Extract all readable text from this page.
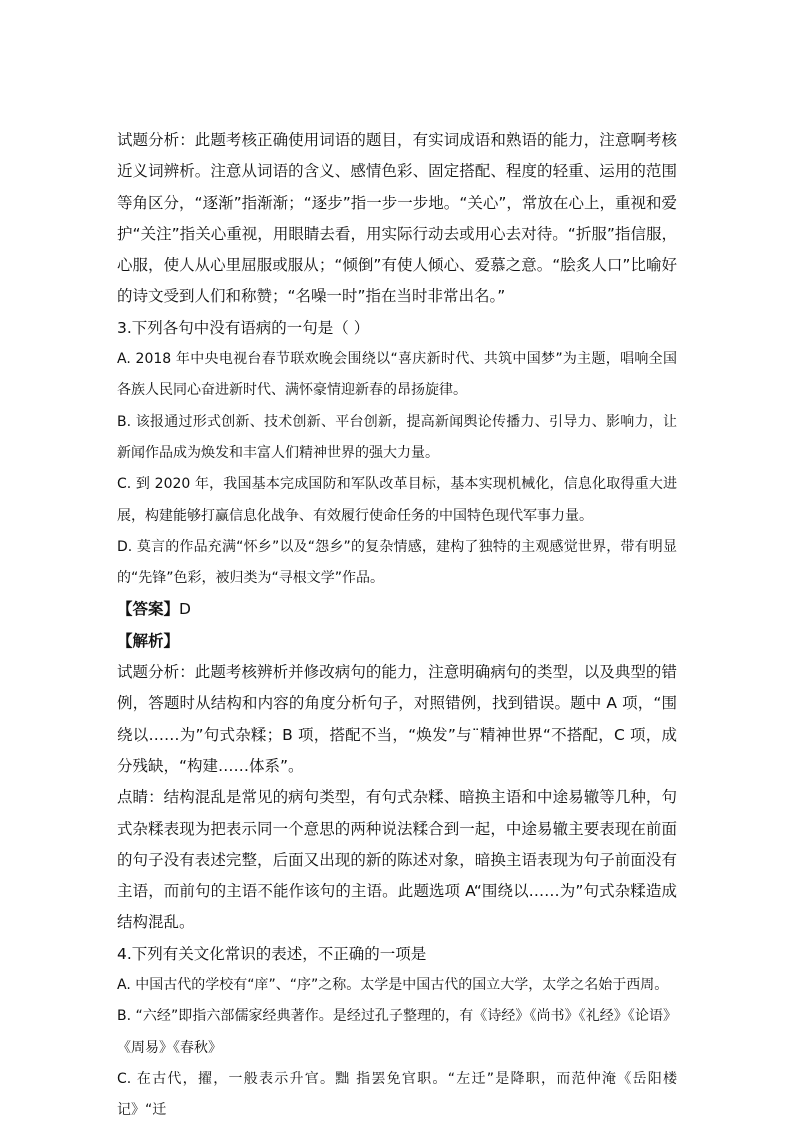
试题分析：此题考核正确使用词语的题目，有实词成语和熟语的能力，注意啊考核近义词辨析。注意从词语的含义、感情色彩、固定搭配、程度的轻重、运用的范围等角区分，“逐渐”指渐渐；“逐步”指一步一步地。“关心”，常放在心上，重视和爱护“关注”指关心重视，用眼睛去看，用实际行动去或用心去对待。“折服”指信服，心服，使人从心里屈服或服从；“倾倒”有使人倾心、爱慕之意。“脍炙人口”比喻好的诗文受到人们和称赞；“名噪一时”指在当时非常出名。”

3.下列各句中没有语病的一句是（ ）

A. 2018 年中央电视台春节联欢晚会围绕以“喜庆新时代、共筑中国梦”为主题，唱响全国各族人民同心奋进新时代、满怀豪情迎新春的昂扬旋律。

B. 该报通过形式创新、技术创新、平台创新，提高新闻舆论传播力、引导力、影响力，让新闻作品成为焕发和丰富人们精神世界的强大力量。

C. 到 2020 年，我国基本完成国防和军队改革目标，基本实现机械化，信息化取得重大进展，构建能够打赢信息化战争、有效履行使命任务的中国特色现代军事力量。

D. 莫言的作品充满“怀乡”以及“怨乡”的复杂情感，建构了独特的主观感觉世界，带有明显的“先锋”色彩，被归类为“寻根文学”作品。

【答案】D

【解析】

试题分析：此题考核辨析并修改病句的能力，注意明确病句的类型，以及典型的错例，答题时从结构和内容的角度分析句子，对照错例，找到错误。题中 A 项，“围绕以……为”句式杂糅；B 项，搭配不当，“焕发”与¨精神世界“不搭配，C 项，成分残缺，“构建……体系”。

点睛：结构混乱是常见的病句类型，有句式杂糅、暗换主语和中途易辙等几种，句式杂糅表现为把表示同一个意思的两种说法糅合到一起，中途易辙主要表现在前面的句子没有表述完整，后面又出现的新的陈述对象，暗换主语表现为句子前面没有主语，而前句的主语不能作该句的主语。此题选项 A“围绕以……为”句式杂糅造成结构混乱。

4.下列有关文化常识的表述，不正确的一项是

A. 中国古代的学校有“庠”、“序”之称。太学是中国古代的国立大学，太学之名始于西周。

B. “六经”即指六部儒家经典著作。是经过孔子整理的，有《诗经》《尚书》《礼经》《论语》《周易》《春秋》

C. 在古代，擢，一般表示升官。黜 指罢免官职。“左迁”是降职，而范仲淹《岳阳楼记》“迁
